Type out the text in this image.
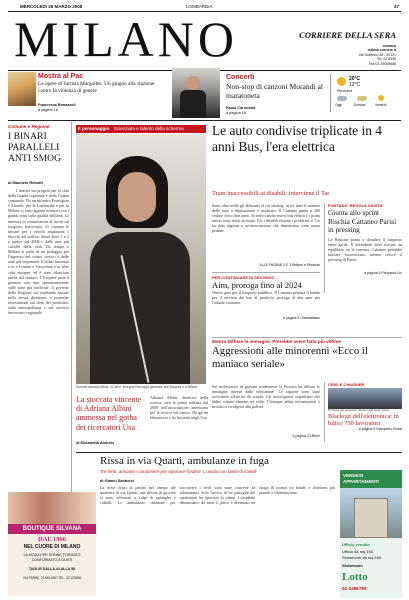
MERCOLEDÌ 26 MARZO 2008	LOMBARDIA	47
MILANO	CORRIERE DELLA SERA
cronaca
milano.corriere.it
Via Solferino 28 - 20121
Tel. 02 6339
Fax 02 29009668
20°C
12°C
Previsioni
Oggi	Domani	Venerdì
Mostra al Pac
Le opere di l'artista Margolles. Un giugno alla stazione contro la violenza di genere
Francesca Bonazzoli
a pagina 18
Concerti
Non-stop di canzoni Morandi al maratoneta
Paolo Carnevale
a pagina 18
Comune e Regione
I BINARI PARALLELI ANTI SMOG
di Maurizio Rebotti
I dossier sui progetti per la città della Giunta regionale e della Giunta comunale. Da un incontro Formigoni e Moratti, per la Lombardia e per la Milano si sono appena misurati con i grandi temi sulla qualità dell'aria. La ministra in commissione di lavori sul trasporto ferroviario. Si contano le misure per i veicoli inquinanti, i blocchi del traffico diesel Euro 1 e 2 a partire dal 2008 e dalle aree più critiche della città. Da tempo a Milano si parla di un pedaggio per l'ingresso nel centro storico e delle auto più inquinanti. Il ticket funziona e fa a Londra e Stoccolma e in altre città europee, ed è stato rilanciato anche dal sindaco. L'Ecopass parte a gennaio con una sperimentazione sulle zone più trafficate. Il governo della Regione sta studiando misure nella stessa direzione, e promette investimenti sui treni dei pendolari, sulla metropolitana e sul servizio ferroviario regionale.
Il personaggio Scienziata e talento della scherma
Socrate Adriana Albini, 42 anni, insegna Patologia generale alla Bicocca e a Milano
La stoccata vincente di Adriana Albini ammessa nel gotha dei ricercatori Usa
Adriana Albini, direttrice della ricerca, sarà la prima italiana dal 2008 nell'associazione americana per la ricerca sul cancro. Dirige un laboratorio e ha lavorato negli Usa.
di Elisabetta Andreis
Le auto condivise triplicate in 4 anni Bus, l'era elettrica
Tram inaccessibili ai disabili: interviene il Tar
Sono oltre mille gli abbonati al car sharing, in tre anni il numero delle auto a disposizione è triplicato. Il Comune punta a 200 vetture entro fine anno. In arrivo anche nuovi bus elettrici: i primi mezzi sono attesi in estate. Per i disabili restano i problemi: il Tar ha dato ragione a un'associazione che denunciava tram senza pedane.
ALLE PAGINE 2 E 3 Bettoni e Ribaudo
FONTANA: REGOLA GIUSTA
Giunta allo sprint Rischia Cattaneo Parisi in pressing
La Regione punta a chiudere il rimpasto entro aprile. Il presidente deve trovare un equilibrio tra le correnti. Cattaneo potrebbe lasciare l'assessorato, mentre cresce il pressing di Parisi.
a pagina 6 Pierpaolo Lio
PER CONTINUARE DI SECONDO
Aim, proroga fino al 2024
Nuove gare per il trasporto pubblico. Il Comune prepara il bando per il servizio dei bus di periferia, proroga di due anni per l'attuale contratto.
a pagina 5 Giannattasio
Monza Diffuse le immagini. Potrebbe avere fatto più vittime
Aggressioni alle minorenni «Ecco il maniaco seriale»
Sul molestatore di giovani studentesse la Procura ha diffuso le immagini riprese dalle telecamere. Le ragazze sono state avvicinate all'uscita da scuola. Gli investigatori sospettano che abbia colpito almeno sei volte. Chiunque abbia informazioni è invitato a rivolgersi alla polizia.
a pagina 13 Berni
CRISI E CHIUSURE
Protesta dei lavoratori davanti alla sede Tiona
Blackout dell'elettronica: in bilico 750 lavoratori
a pagina 9 Giampiero Rossi
Rissa in via Quarti, ambulanze in fuga
Tre feriti, arrivano i carabinieri per riportare l'ordine. L'uscita con tanto di coltelli
di Gianni Santucci
La notte dopo la partita nel campo del quartiere di via Quarti, una decina di giovani si sono affrontati a colpi di spranghe e coltelli. Le ambulanze chiamate per soccorrere i feriti sono state costrette ad allontanarsi. Solo l'arrivo di tre pattuglie dei carabinieri ha riportato la calma. I residenti denunciano: da mesi il parco è diventato un luogo di scontri tra bande, e chiedono più presidi e illuminazione.
BOUTIQUE SILVANA
DAL 1966
NEL CUORE DI MILANO
LA MODA PER DONNE FORMATO CONFORMATO A GUSTI
TAGLIE DALLA 44 ALLA 58
VIA FARINI, 21 MILANO TEL. 02 123456
VENDESI APPARTAMENTI
Ufficio vendite
Ufficio da mq 160
Showroom da mq 160
Showroom
Lotto
02-3456789
